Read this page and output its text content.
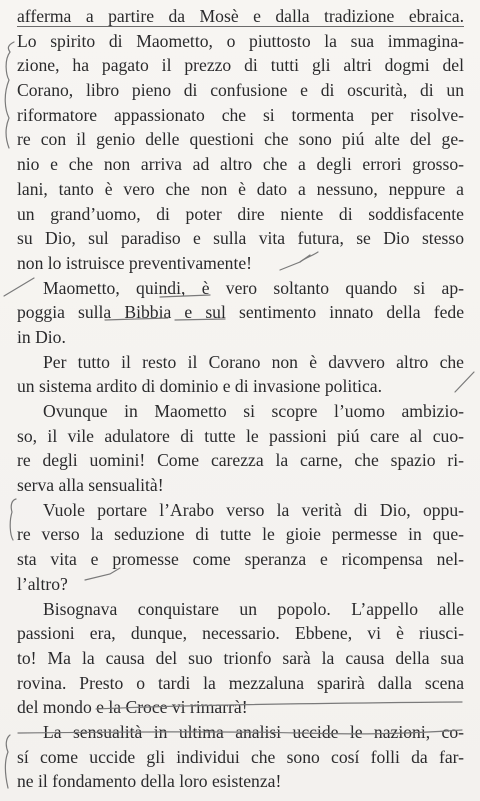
afferma a partire da Mosè e dalla tradizione ebraica.
Lo spirito di Maometto, o piuttosto la sua immagina-
zione, ha pagato il prezzo di tutti gli altri dogmi del
Corano, libro pieno di confusione e di oscurità, di un
riformatore appassionato che si tormenta per risolve-
re con il genio delle questioni che sono piú alte del ge-
nio e che non arriva ad altro che a degli errori grosso-
lani, tanto è vero che non è dato a nessuno, neppure a
un grand’uomo, di poter dire niente di soddisfacente
su Dio, sul paradiso e sulla vita futura, se Dio stesso
non lo istruisce preventivamente!
Maometto, quindi, è vero soltanto quando si ap-
poggia sulla Bibbia e sul sentimento innato della fede
in Dio.
Per tutto il resto il Corano non è davvero altro che
un sistema ardito di dominio e di invasione politica.
Ovunque in Maometto si scopre l’uomo ambizio-
so, il vile adulatore di tutte le passioni piú care al cuo-
re degli uomini! Come carezza la carne, che spazio ri-
serva alla sensualità!
Vuole portare l’Arabo verso la verità di Dio, oppu-
re verso la seduzione di tutte le gioie permesse in que-
sta vita e promesse come speranza e ricompensa nel-
l’altro?
Bisognava conquistare un popolo. L’appello alle
passioni era, dunque, necessario. Ebbene, vi è riusci-
to! Ma la causa del suo trionfo sarà la causa della sua
rovina. Presto o tardi la mezzaluna sparirà dalla scena
del mondo e la Croce vi rimarrà!
La sensualità in ultima analisi uccide le nazioni, co-
sí come uccide gli individui che sono cosí folli da far-
ne il fondamento della loro esistenza!
